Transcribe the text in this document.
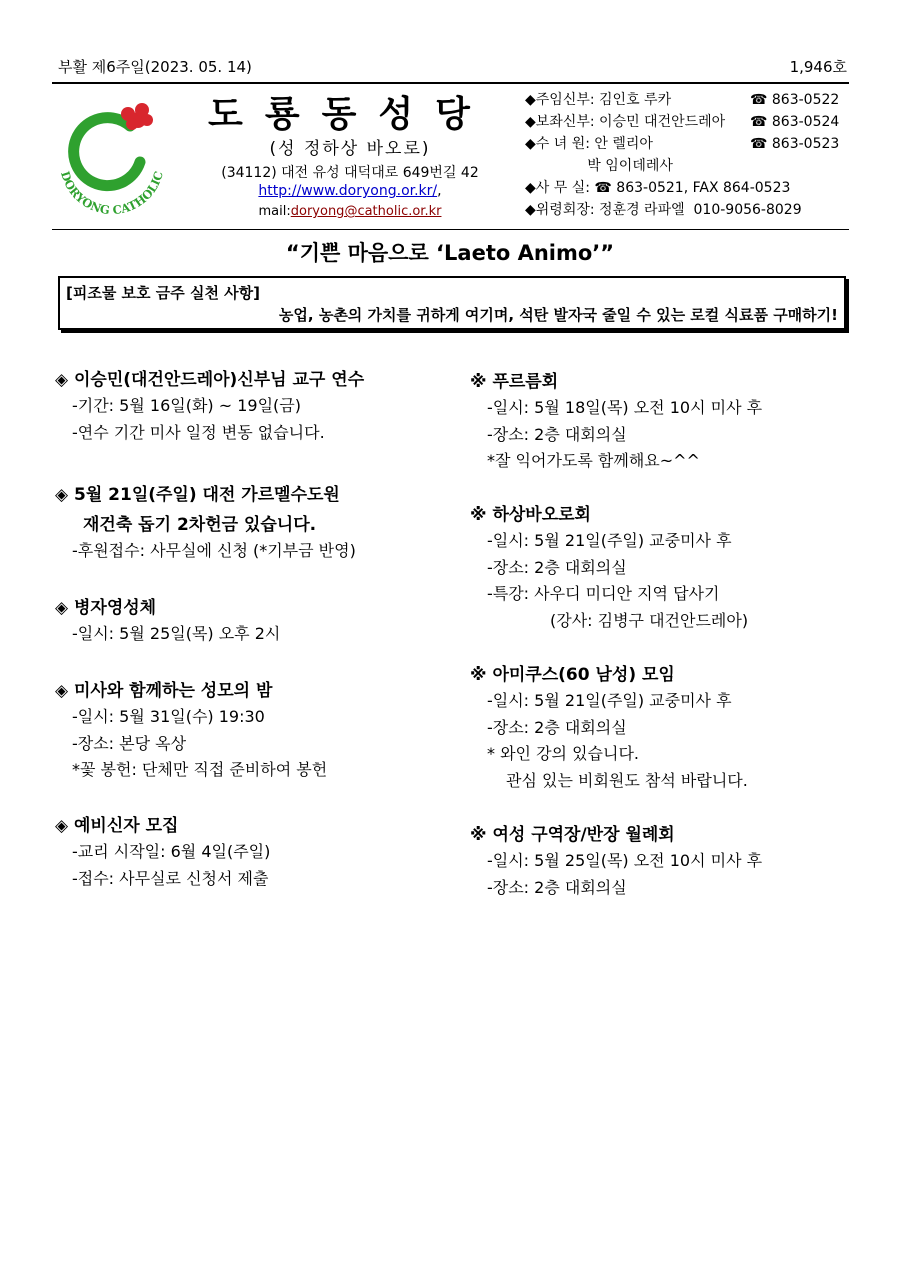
부활 제6주일(2023. 05. 14)	1,946호
DORYONG CATHOLIC
도룡동성당
(성 정하상 바오로)
(34112) 대전 유성 대덕대로 649번길 42
http://www.doryong.or.kr/,
mail:doryong@catholic.or.kr
◆주임신부: 김인호 루카	☎ 863-0522
◆보좌신부: 이승민 대건안드레아 ☎ 863-0524
◆수 녀 원: 안 렐리아	☎ 863-0523
박 임이데레사
◆사 무 실: ☎ 863-0521, FAX 864-0523
◆위령회장: 정훈경 라파엘  010-9056-8029
“기쁜 마음으로 ‘Laeto Animo’”
[피조물 보호 금주 실천 사항]
농업, 농촌의 가치를 귀하게 여기며, 석탄 발자국 줄일 수 있는 로컬 식료품 구매하기!
◈ 이승민(대건안드레아)신부님 교구 연수
-기간: 5월 16일(화) ~ 19일(금)
-연수 기간 미사 일정 변동 없습니다.
◈ 5월 21일(주일) 대전 가르멜수도원
재건축 돕기 2차헌금 있습니다.
-후원접수: 사무실에 신청 (*기부금 반영)
◈ 병자영성체
-일시: 5월 25일(목) 오후 2시
◈ 미사와 함께하는 성모의 밤
-일시: 5월 31일(수) 19:30
-장소: 본당 옥상
*꽃 봉헌: 단체만 직접 준비하여 봉헌
◈ 예비신자 모집
-교리 시작일: 6월 4일(주일)
-접수: 사무실로 신청서 제출
※ 푸르름회
-일시: 5월 18일(목) 오전 10시 미사 후
-장소: 2층 대회의실
*잘 익어가도록 함께해요~^^
※ 하상바오로회
-일시: 5월 21일(주일) 교중미사 후
-장소: 2층 대회의실
-특강: 사우디 미디안 지역 답사기
(강사: 김병구 대건안드레아)
※ 아미쿠스(60 남성) 모임
-일시: 5월 21일(주일) 교중미사 후
-장소: 2층 대회의실
* 와인 강의 있습니다.
관심 있는 비회원도 참석 바랍니다.
※ 여성 구역장/반장 월례회
-일시: 5월 25일(목) 오전 10시 미사 후
-장소: 2층 대회의실
